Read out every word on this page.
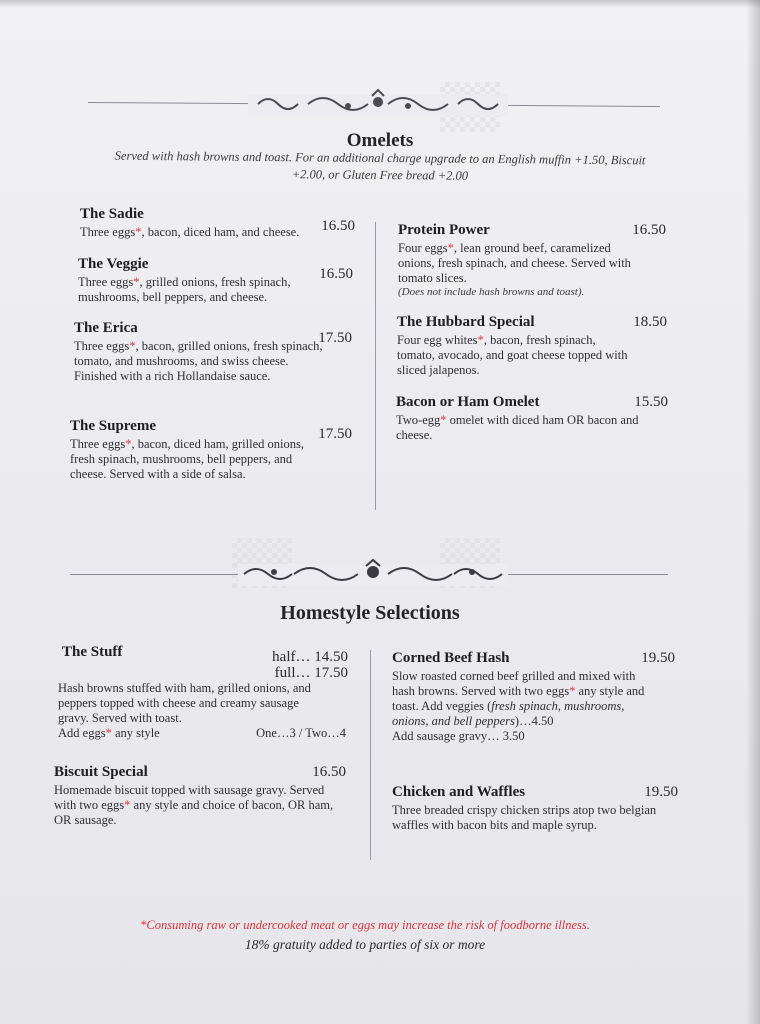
Omelets
Served with hash browns and toast. For an additional charge upgrade to an English muffin +1.50, Biscuit
+2.00, or Gluten Free bread +2.00
The Sadie
16.50
Three eggs*, bacon, diced ham, and cheese.
The Veggie
16.50
Three eggs*, grilled onions, fresh spinach, mushrooms, bell peppers, and cheese.
The Erica
17.50
Three eggs*, bacon, grilled onions, fresh spinach, tomato, and mushrooms, and swiss cheese. Finished with a rich Hollandaise sauce.
The Supreme	17.50
Three eggs*, bacon, diced ham, grilled onions, fresh spinach, mushrooms, bell peppers, and cheese. Served with a side of salsa.
Protein Power	16.50
Four eggs*, lean ground beef, caramelized onions, fresh spinach, and cheese. Served with tomato slices.
(Does not include hash browns and toast).
The Hubbard Special	18.50
Four egg whites*, bacon, fresh spinach, tomato, avocado, and goat cheese topped with sliced jalapenos.
Bacon or Ham Omelet	15.50
Two-egg* omelet with diced ham OR bacon and cheese.
Homestyle Selections
The Stuff	half… 14.50
full… 17.50
Hash browns stuffed with ham, grilled onions, and peppers topped with cheese and creamy sausage gravy. Served with toast.
Add eggs* any style	One…3 / Two…4
Biscuit Special	16.50
Homemade biscuit topped with sausage gravy. Served with two eggs* any style and choice of bacon, OR ham, OR sausage.
Corned Beef Hash	19.50
Slow roasted corned beef grilled and mixed with hash browns. Served with two eggs* any style and toast. Add veggies (fresh spinach, mushrooms, onions, and bell peppers)…4.50
Add sausage gravy… 3.50
Chicken and Waffles	19.50
Three breaded crispy chicken strips atop two belgian waffles with bacon bits and maple syrup.
*Consuming raw or undercooked meat or eggs may increase the risk of foodborne illness.
18% gratuity added to parties of six or more
